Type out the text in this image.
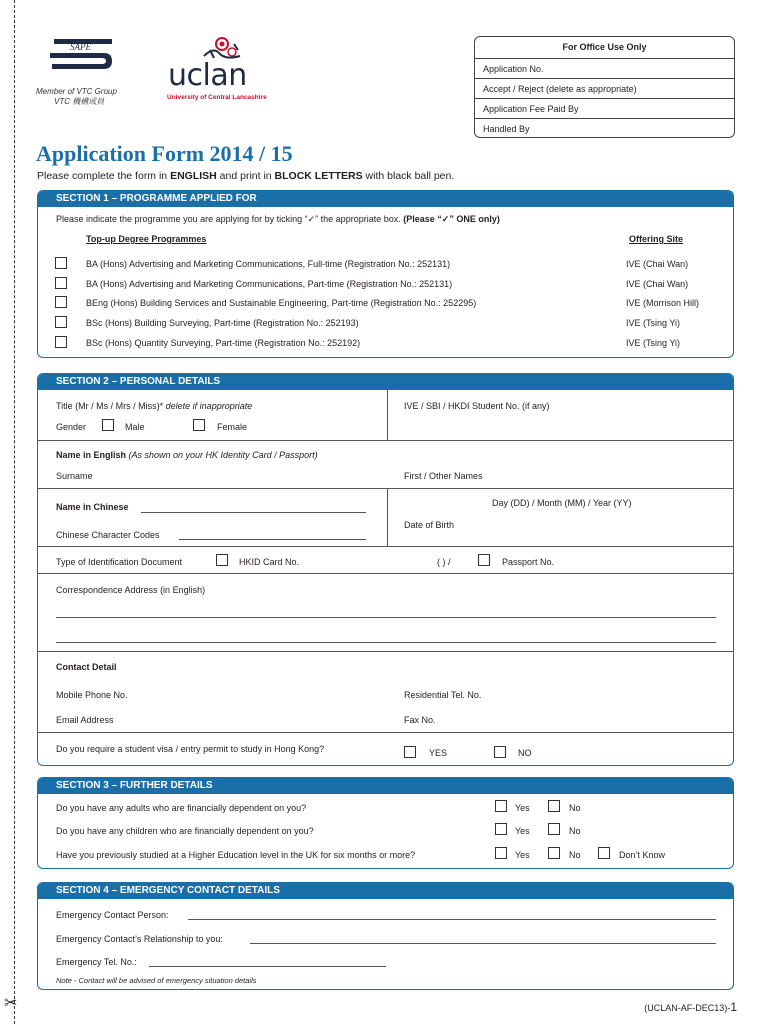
✂
SAPE
Member of VTC Group
VTC 機構成員
uclan
University of Central Lancashire
For Office Use Only
Application No.
Accept / Reject (delete as appropriate)
Application Fee Paid By
Handled By
Application Form 2014 / 15
Please complete the form in ENGLISH and print in BLOCK LETTERS with black ball pen.
SECTION 1 – PROGRAMME APPLIED FOR
Please indicate the programme you are applying for by ticking “✓” the appropriate box. (Please “✓” ONE only)
Top-up Degree Programmes	Offering Site
BA (Hons) Advertising and Marketing Communications, Full-time (Registration No.: 252131)	IVE (Chai Wan)
BA (Hons) Advertising and Marketing Communications, Part-time (Registration No.: 252131)	IVE (Chai Wan)
BEng (Hons) Building Services and Sustainable Engineering, Part-time (Registration No.: 252295)	IVE (Morrison Hill)
BSc (Hons) Building Surveying, Part-time (Registration No.: 252193)	IVE (Tsing Yi)
BSc (Hons) Quantity Surveying, Part-time (Registration No.: 252192)	IVE (Tsing Yi)
SECTION 2 – PERSONAL DETAILS
Title (Mr / Ms / Mrs / Miss)* delete if inappropriate	IVE / SBI / HKDI Student No. (if any)
Gender	Male	Female
Name in English (As shown on your HK Identity Card / Passport)
Surname	First / Other Names
Name in Chinese	Day (DD) / Month (MM) / Year (YY)
Date of Birth
Chinese Character Codes
Type of Identification Document	HKID Card No.	( ) /	Passport No.
Correspondence Address (in English)
Contact Detail
Mobile Phone No.	Residential Tel. No.
Email Address	Fax No.
Do you require a student visa / entry permit to study in Hong Kong?	YES	NO
SECTION 3 – FURTHER DETAILS
Do you have any adults who are financially dependent on you?	Yes	No
Do you have any children who are financially dependent on you?	Yes	No
Have you previously studied at a Higher Education level in the UK for six months or more?	Yes	No	Don’t Know
SECTION 4 – EMERGENCY CONTACT DETAILS
Emergency Contact Person:
Emergency Contact’s Relationship to you:
Emergency Tel. No.:
Note - Contact will be advised of emergency situation details
(UCLAN-AF-DEC13)-1
